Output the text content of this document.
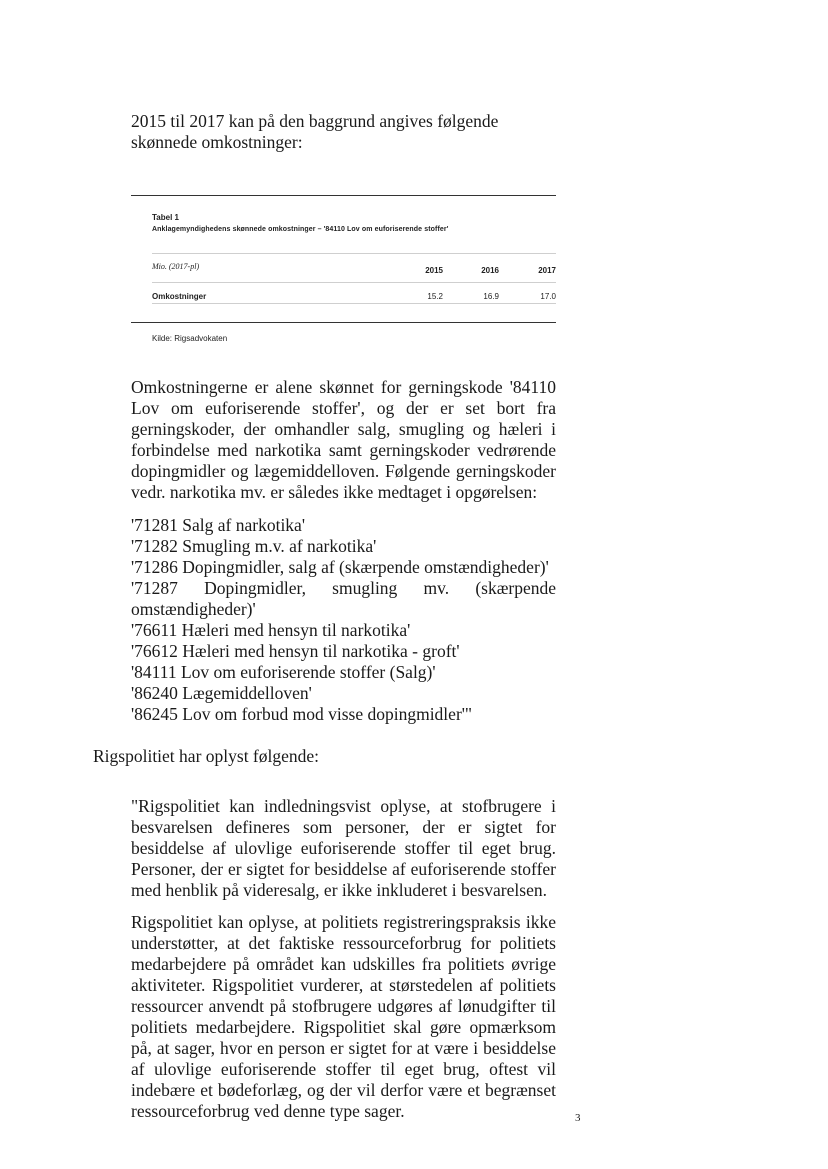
2015 til 2017 kan på den baggrund angives følgende skønnede omkostninger:

Tabel 1
Anklagemyndighedens skønnede omkostninger – '84110 Lov om euforiserende stoffer'
Mio. (2017-pl)	2015	2016	2017
Omkostninger	15.2	16.9	17.0
Kilde: Rigsadvokaten

Omkostningerne er alene skønnet for gerningskode '84110 Lov om euforiserende stoffer', og der er set bort fra gerningskoder, der omhandler salg, smugling og hæleri i forbindelse med narkotika samt gerningskoder vedrørende dopingmidler og lægemiddelloven. Følgende gerningskoder vedr. narkotika mv. er således ikke medtaget i opgørelsen:

'71281 Salg af narkotika'
'71282 Smugling m.v. af narkotika'
'71286 Dopingmidler, salg af (skærpende omstændigheder)'
'71287 Dopingmidler, smugling mv. (skærpende omstændigheder)'
'76611 Hæleri med hensyn til narkotika'
'76612 Hæleri med hensyn til narkotika - groft'
'84111 Lov om euforiserende stoffer (Salg)'
'86240 Lægemiddelloven'
'86245 Lov om forbud mod visse dopingmidler'"

Rigspolitiet har oplyst følgende:

"Rigspolitiet kan indledningsvist oplyse, at stofbrugere i besvarelsen defineres som personer, der er sigtet for besiddelse af ulovlige euforiserende stoffer til eget brug. Personer, der er sigtet for besiddelse af euforiserende stoffer med henblik på videresalg, er ikke inkluderet i besvarelsen.

Rigspolitiet kan oplyse, at politiets registreringspraksis ikke understøtter, at det faktiske ressourceforbrug for politiets medarbejdere på området kan udskilles fra politiets øvrige aktiviteter. Rigspolitiet vurderer, at størstedelen af politiets ressourcer anvendt på stofbrugere udgøres af lønudgifter til politiets medarbejdere. Rigspolitiet skal gøre opmærksom på, at sager, hvor en person er sigtet for at være i besiddelse af ulovlige euforiserende stoffer til eget brug, oftest vil indebære et bødeforlæg, og der vil derfor være et begrænset ressourceforbrug ved denne type sager.	3
